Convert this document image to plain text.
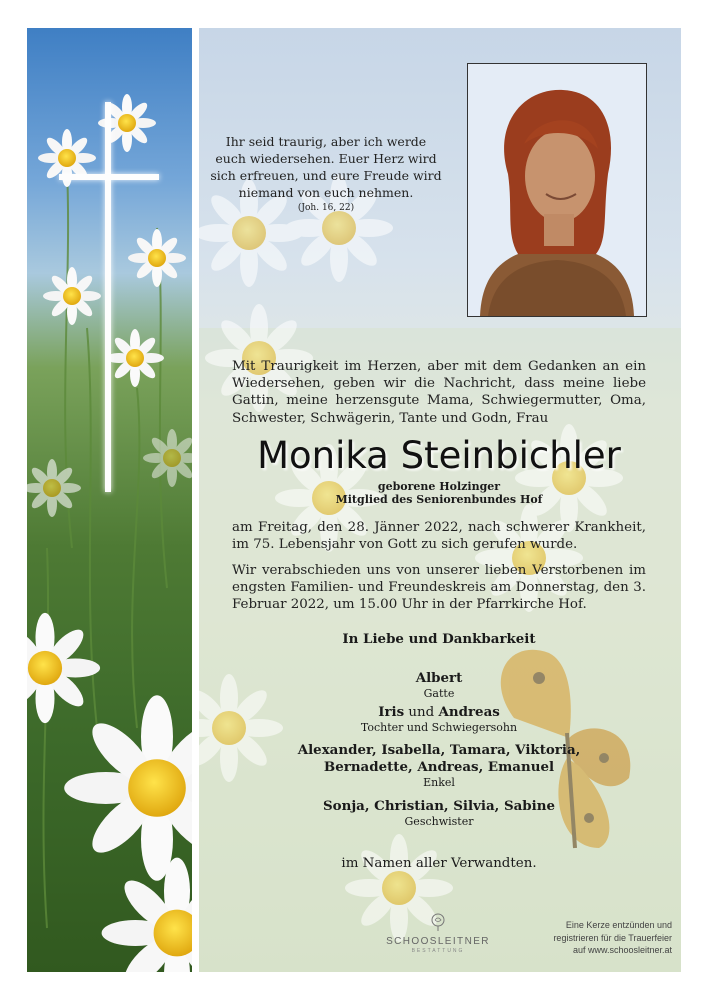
Ihr seid traurig, aber ich werde
euch wiedersehen. Euer Herz wird
sich erfreuen, und eure Freude wird
niemand von euch nehmen.
(Joh. 16, 22)
Mit Traurigkeit im Herzen, aber mit dem Gedanken an ein Wiedersehen, geben wir die Nachricht, dass meine liebe Gattin, meine herzensgute Mama, Schwiegermutter, Oma, Schwester, Schwägerin, Tante und Godn, Frau
Monika Steinbichler
geborene Holzinger
Mitglied des Seniorenbundes Hof
am Freitag, den 28. Jänner 2022, nach schwerer Krankheit, im 75. Lebensjahr von Gott zu sich gerufen wurde.
Wir verabschieden uns von unserer lieben Verstorbenen im engsten Familien- und Freundeskreis am Donnerstag, den 3. Februar 2022, um 15.00 Uhr in der Pfarrkirche Hof.
In Liebe und Dankbarkeit
Albert
Gatte
Iris und Andreas
Tochter und Schwiegersohn
Alexander, Isabella, Tamara, Viktoria,
Bernadette, Andreas, Emanuel
Enkel
Sonja, Christian, Silvia, Sabine
Geschwister
im Namen aller Verwandten.
SCHOOSLEITNER
BESTATTUNG
Eine Kerze entzünden und
registrieren für die Trauerfeier
auf www.schoosleitner.at
